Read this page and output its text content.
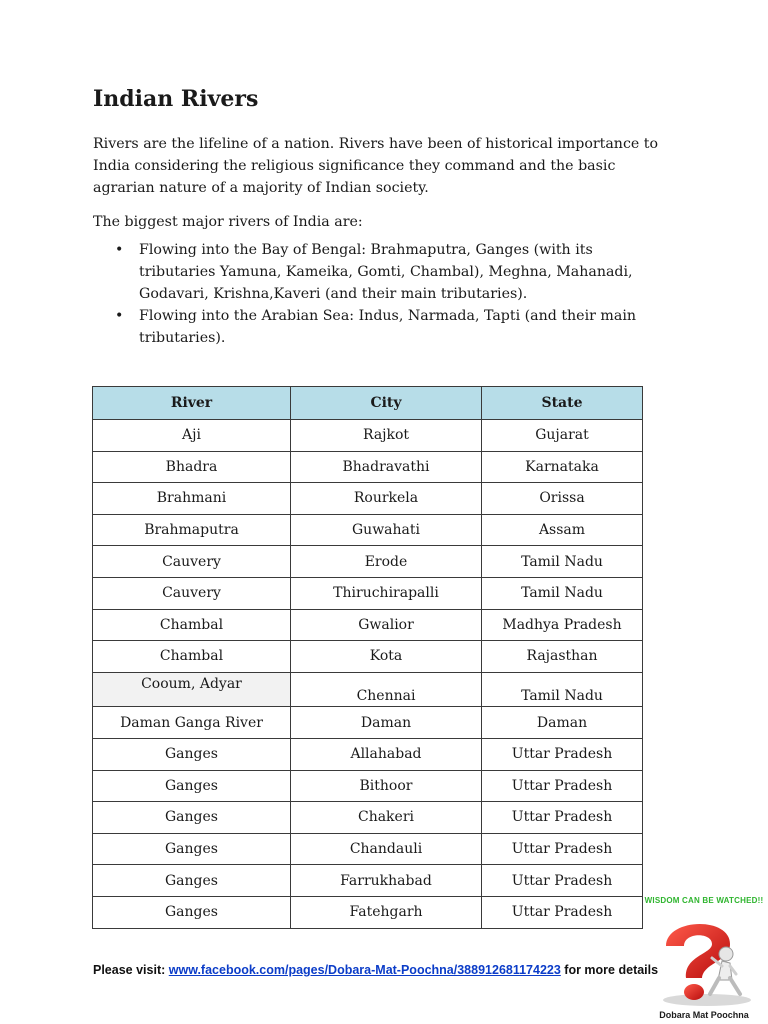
Indian Rivers

Rivers are the lifeline of a nation. Rivers have been of historical importance to India considering the religious significance they command and the basic agrarian nature of a majority of Indian society.

The biggest major rivers of India are:

• Flowing into the Bay of Bengal: Brahmaputra, Ganges (with its tributaries Yamuna, Kameika, Gomti, Chambal), Meghna, Mahanadi, Godavari, Krishna,Kaveri (and their main tributaries).
• Flowing into the Arabian Sea: Indus, Narmada, Tapti (and their main tributaries).
River	City	State
Aji	Rajkot	Gujarat
Bhadra	Bhadravathi	Karnataka
Brahmani	Rourkela	Orissa
Brahmaputra	Guwahati	Assam
Cauvery	Erode	Tamil Nadu
Cauvery	Thiruchirapalli	Tamil Nadu
Chambal	Gwalior	Madhya Pradesh
Chambal	Kota	Rajasthan
Cooum, Adyar	Chennai	Tamil Nadu
Daman Ganga River	Daman	Daman
Ganges	Allahabad	Uttar Pradesh
Ganges	Bithoor	Uttar Pradesh
Ganges	Chakeri	Uttar Pradesh
Ganges	Chandauli	Uttar Pradesh
Ganges	Farrukhabad	Uttar Pradesh
Ganges	Fatehgarh	Uttar Pradesh
Please visit: www.facebook.com/pages/Dobara-Mat-Poochna/388912681174223 for more details
WISDOM CAN BE WATCHED!!
Dobara Mat Poochna
